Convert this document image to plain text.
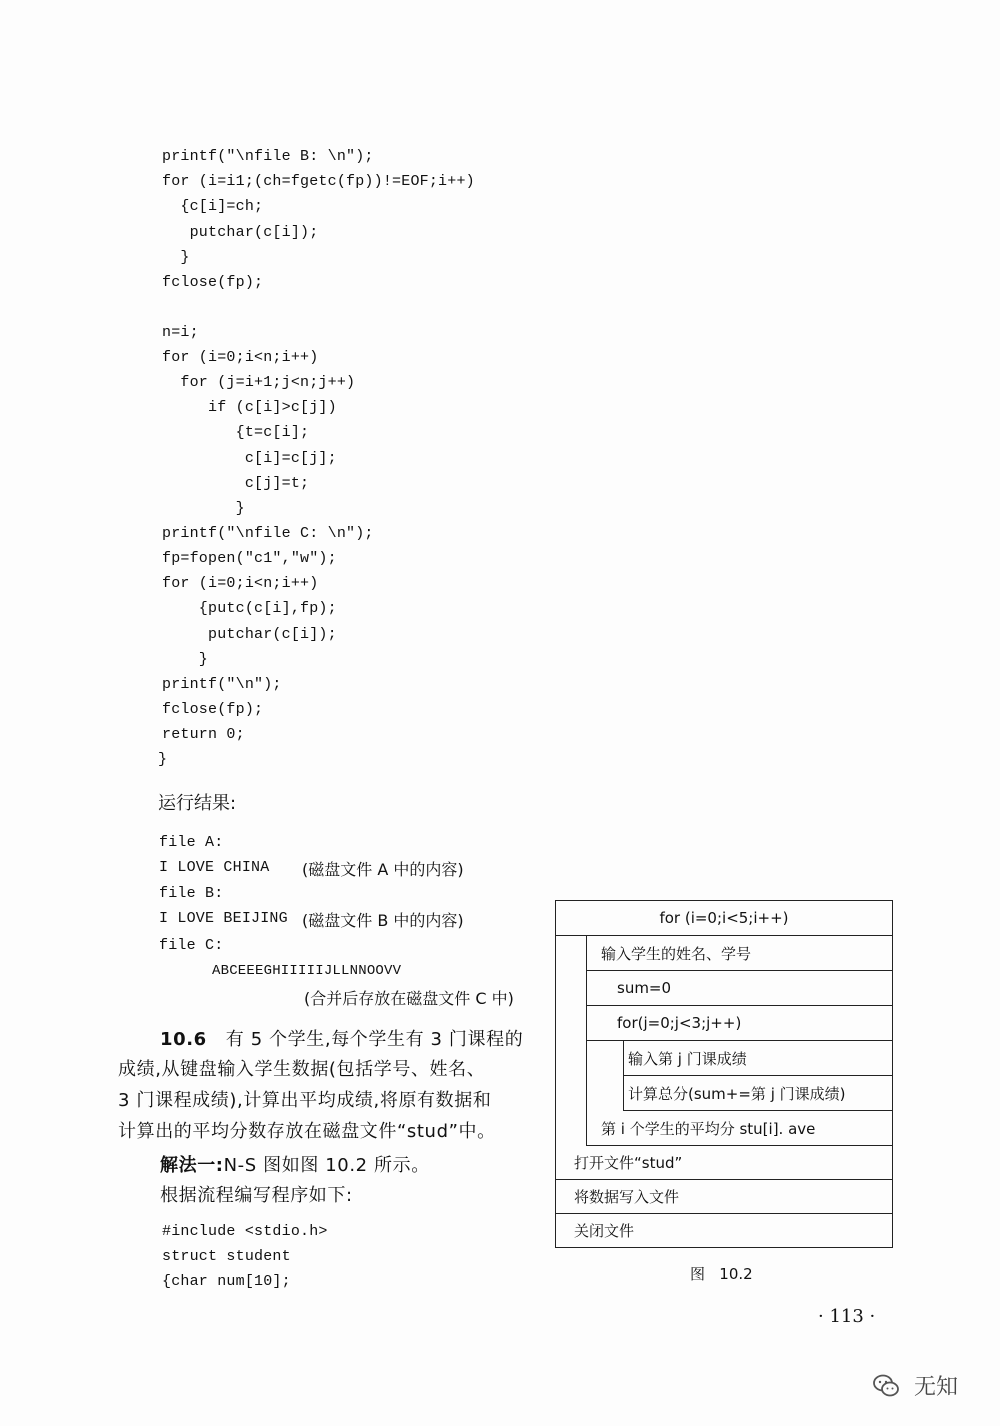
printf("\nfile B: \n");
for (i=i1;(ch=fgetc(fp))!=EOF;i++)
{c[i]=ch;
putchar(c[i]);
}
fclose(fp);
n=i;
for (i=0;i<n;i++)
for (j=i+1;j<n;j++)
if (c[i]>c[j])
{t=c[i];
c[i]=c[j];
c[j]=t;
}
printf("\nfile C: \n");
fp=fopen("c1","w");
for (i=0;i<n;i++)
{putc(c[i],fp);
putchar(c[i]);
}
printf("\n");
fclose(fp);
return 0;
}
运行结果:
file A:
I LOVE CHINA (磁盘文件 A 中的内容)
file B:
I LOVE BEIJING (磁盘文件 B 中的内容)
file C:
ABCEEEGHIIIIIJLLNNOOVV
(合并后存放在磁盘文件 C 中)
10.6 有 5 个学生,每个学生有 3 门课程的
成绩,从键盘输入学生数据(包括学号、姓名、
3 门课程成绩),计算出平均成绩,将原有数据和
计算出的平均分数存放在磁盘文件“stud”中。
解法一:N-S 图如图 10.2 所示。
根据流程编写程序如下:
#include <stdio.h>
struct student
{char num[10];
for (i=0;i<5;i++)
输入学生的姓名、学号
sum=0
for(j=0;j<3;j++)
输入第 j 门课成绩
计算总分(sum+=第 j 门课成绩)
第 i 个学生的平均分 stu[i]. ave
打开文件“stud”
将数据写入文件
关闭文件
图   10.2
· 113 ·
无知
